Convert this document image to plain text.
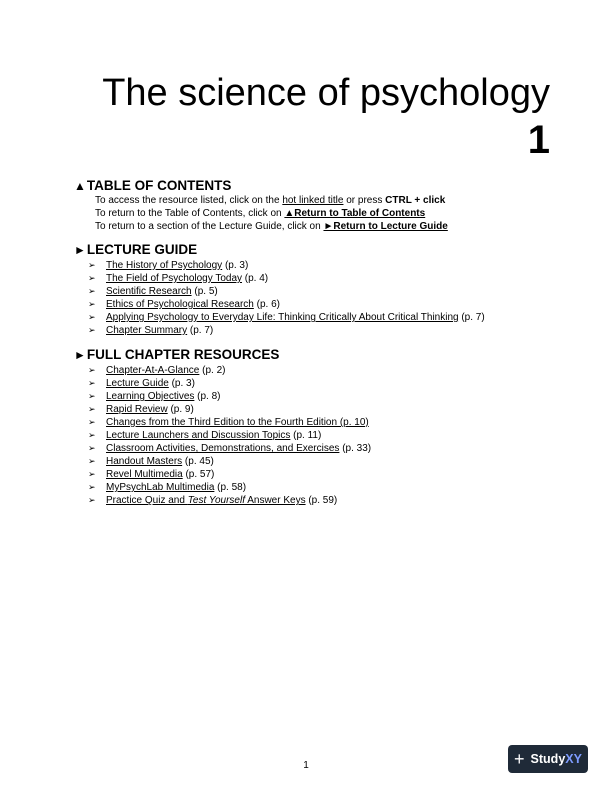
The science of psychology
1
▲TABLE OF CONTENTS
To access the resource listed, click on the hot linked title or press CTRL + click
To return to the Table of Contents, click on ▲Return to Table of Contents
To return to a section of the Lecture Guide, click on ►Return to Lecture Guide
►LECTURE GUIDE
➢ The History of Psychology (p. 3)
➢ The Field of Psychology Today (p. 4)
➢ Scientific Research (p. 5)
➢ Ethics of Psychological Research (p. 6)
➢ Applying Psychology to Everyday Life: Thinking Critically About Critical Thinking (p. 7)
➢ Chapter Summary (p. 7)
►FULL CHAPTER RESOURCES
➢ Chapter-At-A-Glance (p. 2)
➢ Lecture Guide (p. 3)
➢ Learning Objectives (p. 8)
➢ Rapid Review (p. 9)
➢ Changes from the Third Edition to the Fourth Edition (p. 10)
➢ Lecture Launchers and Discussion Topics (p. 11)
➢ Classroom Activities, Demonstrations, and Exercises (p. 33)
➢ Handout Masters (p. 45)
➢ Revel Multimedia (p. 57)
➢ MyPsychLab Multimedia (p. 58)
➢ Practice Quiz and Test Yourself Answer Keys (p. 59)
1	+ StudyXY
